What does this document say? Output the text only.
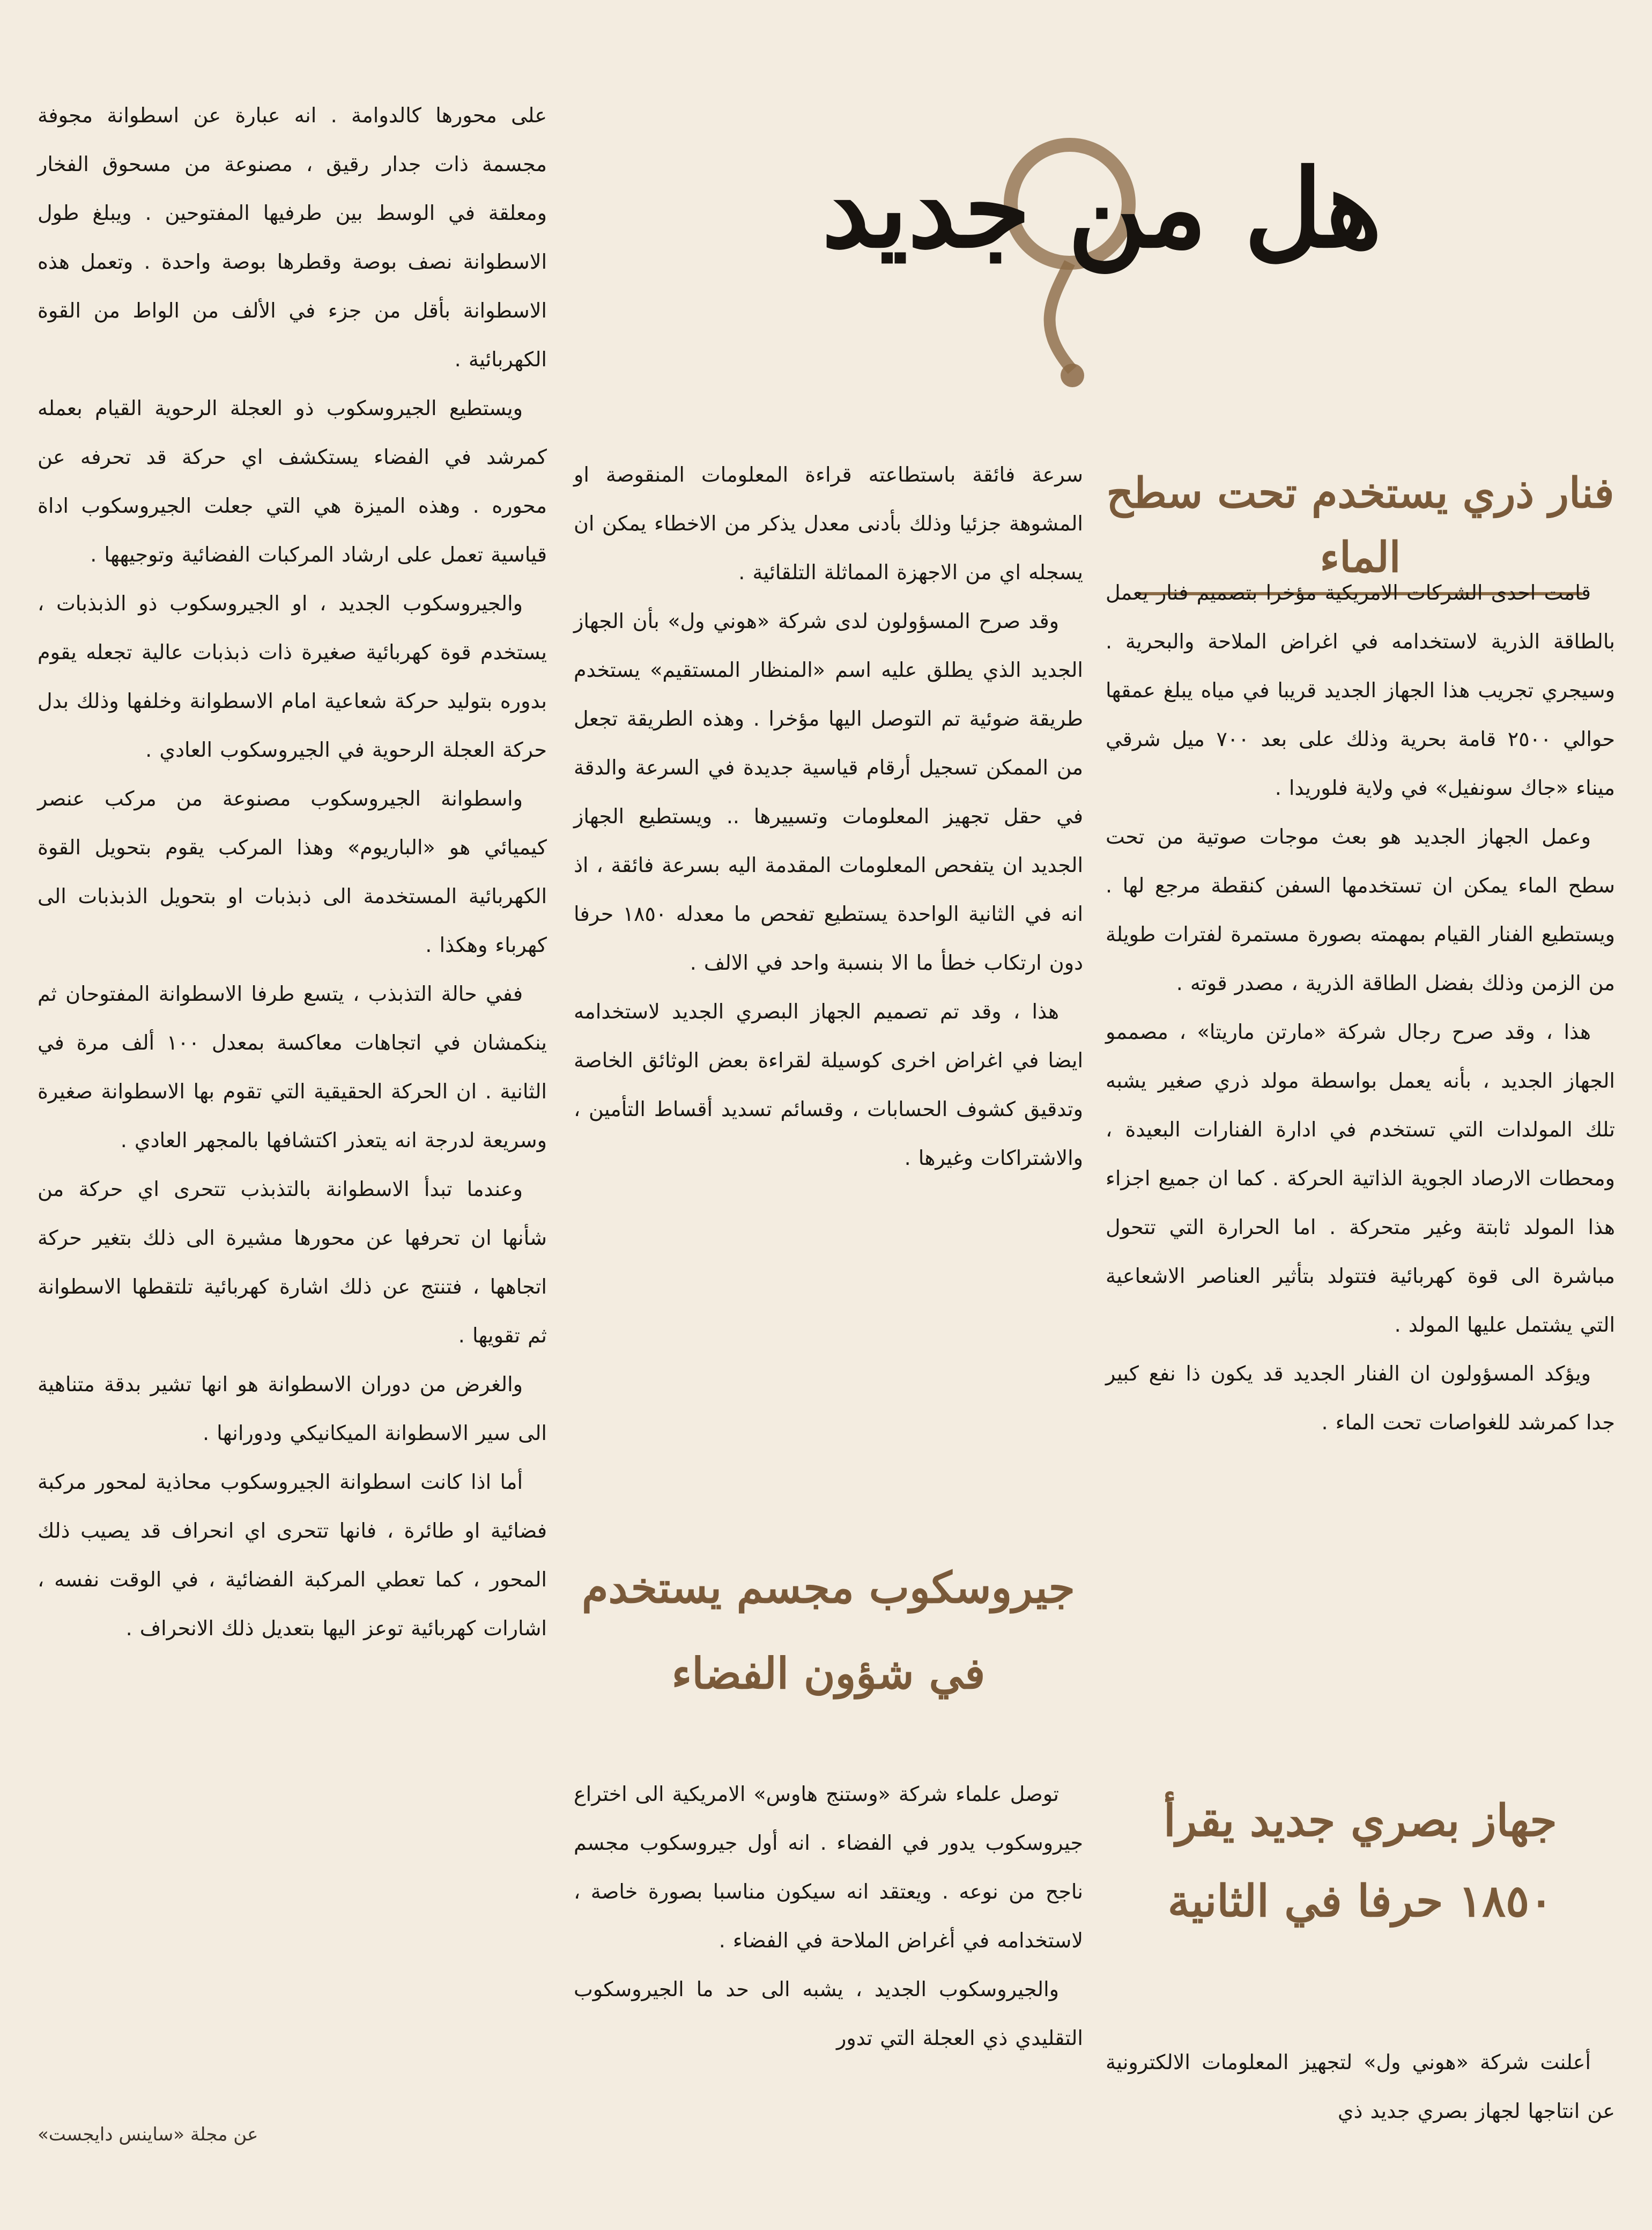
هل من جديد
فنار ذري يستخدم تحت سطح الماء

قامت احدى الشركات الامريكية مؤخرا بتصميم فنار يعمل بالطاقة الذرية لاستخدامه في اغراض الملاحة والبحرية . وسيجري تجريب هذا الجهاز الجديد قريبا في مياه يبلغ عمقها حوالي ٢٥٠٠ قامة بحرية وذلك على بعد ٧٠٠ ميل شرقي ميناء «جاك سونفيل» في ولاية فلوريدا .

وعمل الجهاز الجديد هو بعث موجات صوتية من تحت سطح الماء يمكن ان تستخدمها السفن كنقطة مرجع لها . ويستطيع الفنار القيام بمهمته بصورة مستمرة لفترات طويلة من الزمن وذلك بفضل الطاقة الذرية ، مصدر قوته .

هذا ، وقد صرح رجال شركة «مارتن ماريتا» ، مصممو الجهاز الجديد ، بأنه يعمل بواسطة مولد ذري صغير يشبه تلك المولدات التي تستخدم في ادارة الفنارات البعيدة ، ومحطات الارصاد الجوية الذاتية الحركة . كما ان جميع اجزاء هذا المولد ثابتة وغير متحركة . اما الحرارة التي تتحول مباشرة الى قوة كهربائية فتتولد بتأثير العناصر الاشعاعية التي يشتمل عليها المولد .

ويؤكد المسؤولون ان الفنار الجديد قد يكون ذا نفع كبير جدا كمرشد للغواصات تحت الماء .

جهاز بصري جديد يقرأ
١٨٥٠ حرفا في الثانية

أعلنت شركة «هوني ول» لتجهيز المعلومات الالكترونية عن انتاجها لجهاز بصري جديد ذي

سرعة فائقة باستطاعته قراءة المعلومات المنقوصة او المشوهة جزئيا وذلك بأدنى معدل يذكر من الاخطاء يمكن ان يسجله اي من الاجهزة المماثلة التلقائية .

وقد صرح المسؤولون لدى شركة «هوني ول» بأن الجهاز الجديد الذي يطلق عليه اسم «المنظار المستقيم» يستخدم طريقة ضوئية تم التوصل اليها مؤخرا . وهذه الطريقة تجعل من الممكن تسجيل أرقام قياسية جديدة في السرعة والدقة في حقل تجهيز المعلومات وتسييرها .. ويستطيع الجهاز الجديد ان يتفحص المعلومات المقدمة اليه بسرعة فائقة ، اذ انه في الثانية الواحدة يستطيع تفحص ما معدله ١٨٥٠ حرفا دون ارتكاب خطأ ما الا بنسبة واحد في الالف .

هذا ، وقد تم تصميم الجهاز البصري الجديد لاستخدامه ايضا في اغراض اخرى كوسيلة لقراءة بعض الوثائق الخاصة وتدقيق كشوف الحسابات ، وقسائم تسديد أقساط التأمين ، والاشتراكات وغيرها .

جيروسكوب مجسم يستخدم
في شؤون الفضاء

توصل علماء شركة «وستنج هاوس» الامريكية الى اختراع جيروسكوب يدور في الفضاء . انه أول جيروسكوب مجسم ناجح من نوعه . ويعتقد انه سيكون مناسبا بصورة خاصة ، لاستخدامه في أغراض الملاحة في الفضاء .

والجيروسكوب الجديد ، يشبه الى حد ما الجيروسكوب التقليدي ذي العجلة التي تدور

على محورها كالدوامة . انه عبارة عن اسطوانة مجوفة مجسمة ذات جدار رقيق ، مصنوعة من مسحوق الفخار ومعلقة في الوسط بين طرفيها المفتوحين . ويبلغ طول الاسطوانة نصف بوصة وقطرها بوصة واحدة . وتعمل هذه الاسطوانة بأقل من جزء في الألف من الواط من القوة الكهربائية .

ويستطيع الجيروسكوب ذو العجلة الرحوية القيام بعمله كمرشد في الفضاء يستكشف اي حركة قد تحرفه عن محوره . وهذه الميزة هي التي جعلت الجيروسكوب اداة قياسية تعمل على ارشاد المركبات الفضائية وتوجيهها .

والجيروسكوب الجديد ، او الجيروسكوب ذو الذبذبات ، يستخدم قوة كهربائية صغيرة ذات ذبذبات عالية تجعله يقوم بدوره بتوليد حركة شعاعية امام الاسطوانة وخلفها وذلك بدل حركة العجلة الرحوية في الجيروسكوب العادي .

واسطوانة الجيروسكوب مصنوعة من مركب عنصر كيميائي هو «الباريوم» وهذا المركب يقوم بتحويل القوة الكهربائية المستخدمة الى ذبذبات او بتحويل الذبذبات الى كهرباء وهكذا .

ففي حالة التذبذب ، يتسع طرفا الاسطوانة المفتوحان ثم ينكمشان في اتجاهات معاكسة بمعدل ١٠٠ ألف مرة في الثانية . ان الحركة الحقيقية التي تقوم بها الاسطوانة صغيرة وسريعة لدرجة انه يتعذر اكتشافها بالمجهر العادي .

وعندما تبدأ الاسطوانة بالتذبذب تتحرى اي حركة من شأنها ان تحرفها عن محورها مشيرة الى ذلك بتغير حركة اتجاهها ، فتنتج عن ذلك اشارة كهربائية تلتقطها الاسطوانة ثم تقويها .

والغرض من دوران الاسطوانة هو انها تشير بدقة متناهية الى سير الاسطوانة الميكانيكي ودورانها .

أما اذا كانت اسطوانة الجيروسكوب محاذية لمحور مركبة فضائية او طائرة ، فانها تتحرى اي انحراف قد يصيب ذلك المحور ، كما تعطي المركبة الفضائية ، في الوقت نفسه ، اشارات كهربائية توعز اليها بتعديل ذلك الانحراف .

عن مجلة «ساينس دايجست»
